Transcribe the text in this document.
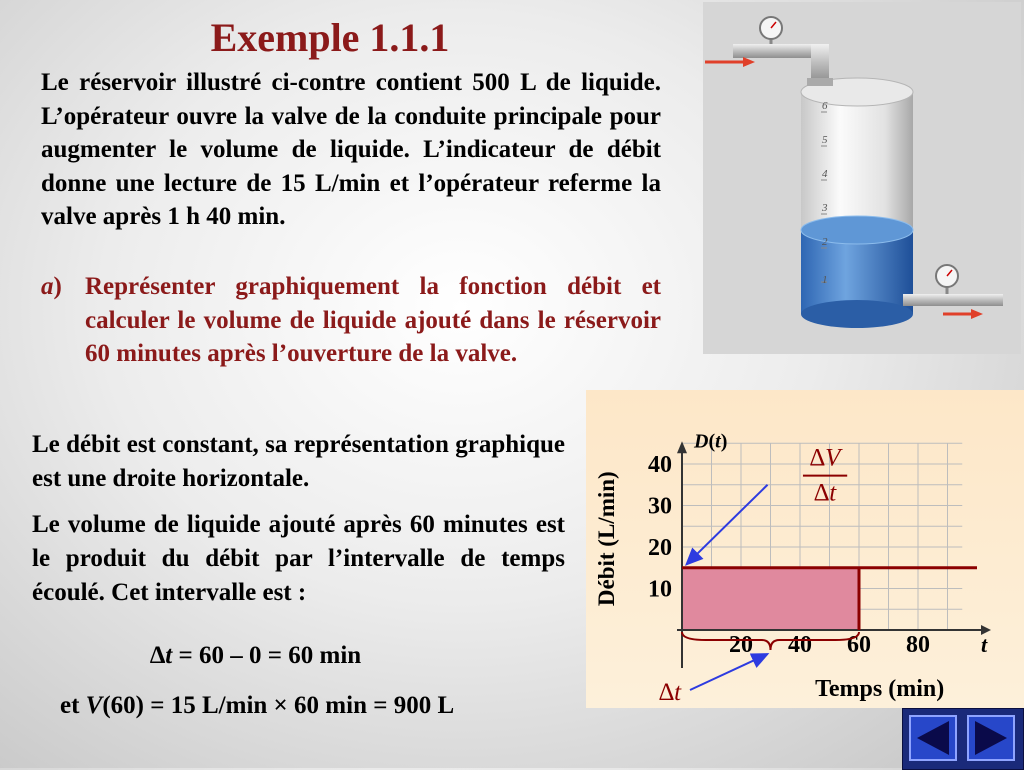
Exemple 1.1.1
Le réservoir illustré ci-contre contient 500 L de liquide. L’opérateur ouvre la valve de la conduite principale pour augmenter le volume de liquide. L’indicateur de débit donne une lecture de 15 L/min et l’opérateur referme la valve après 1 h 40 min.
a) Représenter graphiquement la fonction débit et calculer le volume de liquide ajouté dans le réservoir 60 minutes après l’ouverture de la valve.
6
5
4
3
2
1
Le débit est constant, sa représentation graphique est une droite horizontale.
Le volume de liquide ajouté après 60 minutes est le produit du débit par l’intervalle de temps écoulé. Cet intervalle est :
∆t = 60 – 0 = 60 min
et V(60) = 15 L/min × 60 min = 900 L
10
20
30
40
20 40 60 80 t
D(t)
Débit (L/min)
Temps (min)
∆V
∆t
∆t
